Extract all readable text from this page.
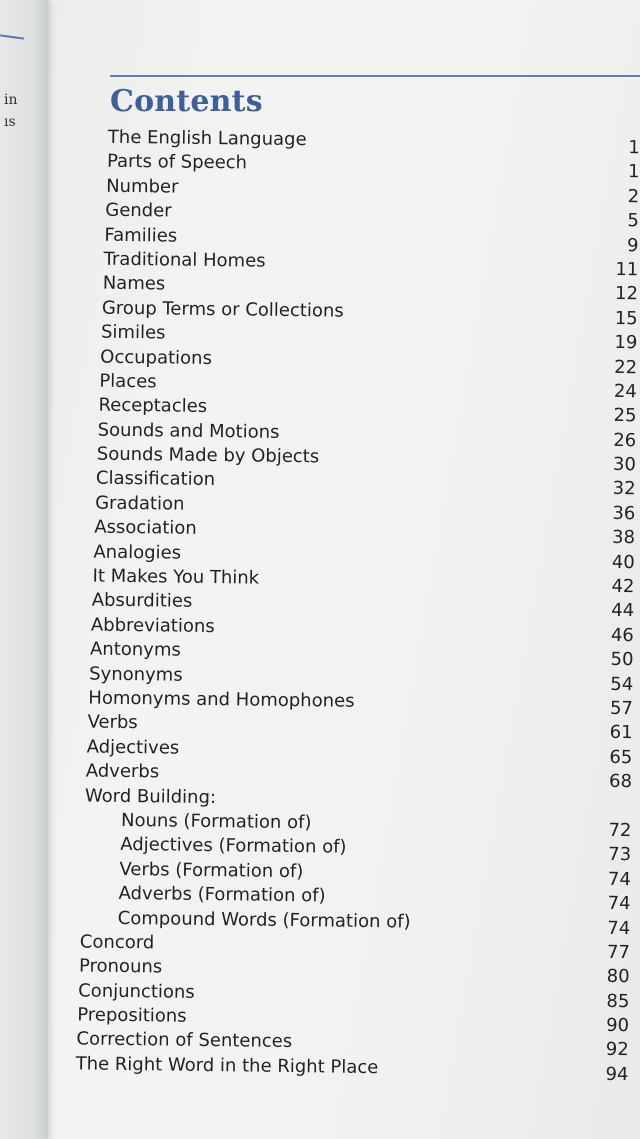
in
ıs
Contents
The English Language	1
Parts of Speech	1
Number	2
Gender	5
Families	9
Traditional Homes	11
Names	12
Group Terms or Collections	15
Similes	19
Occupations	22
Places	24
Receptacles	25
Sounds and Motions	26
Sounds Made by Objects	30
Classification	32
Gradation	36
Association	38
Analogies	40
It Makes You Think	42
Absurdities	44
Abbreviations	46
Antonyms	50
Synonyms	54
Homonyms and Homophones	57
Verbs	61
Adjectives	65
Adverbs	68
Word Building:
Nouns (Formation of)	72
Adjectives (Formation of)	73
Verbs (Formation of)	74
Adverbs (Formation of)	74
Compound Words (Formation of)	74
Concord	77
Pronouns	80
Conjunctions	85
Prepositions	90
Correction of Sentences	92
The Right Word in the Right Place	94
